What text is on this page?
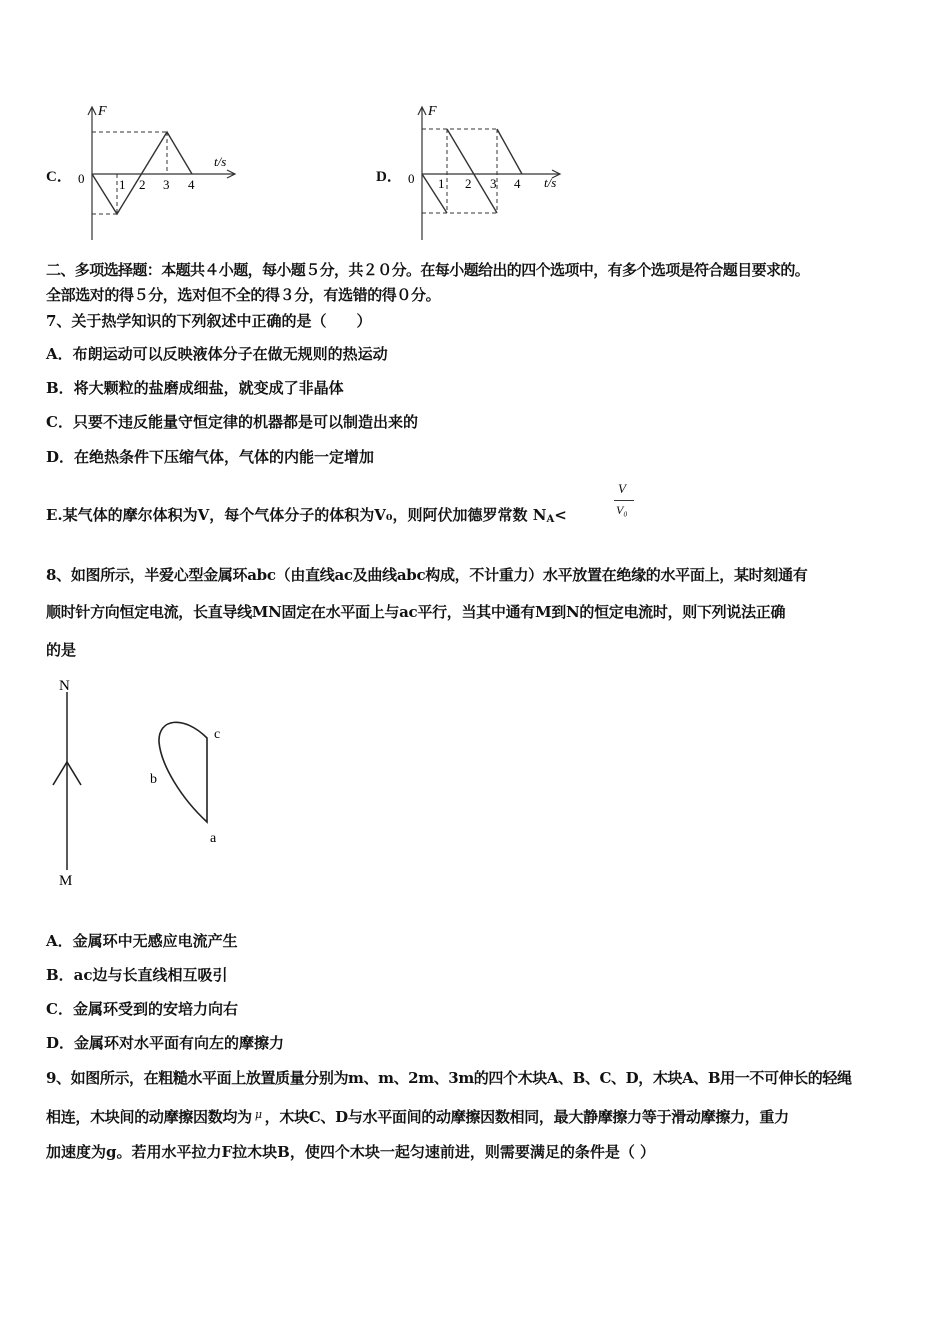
C．
F
t/s
0	1 2 3 4	D．
F
t/s
0 1 2 3 4
二、多项选择题：本题共４小题，每小题５分，共２０分。在每小题给出的四个选项中，有多个选项是符合题目要求的。
全部选对的得５分，选对但不全的得３分，有选错的得０分。
7、关于热学知识的下列叙述中正确的是（　　）
A．布朗运动可以反映液体分子在做无规则的热运动
B．将大颗粒的盐磨成细盐，就变成了非晶体
C．只要不违反能量守恒定律的机器都是可以制造出来的
D．在绝热条件下压缩气体，气体的内能一定增加
E.某气体的摩尔体积为V，每个气体分子的体积为V₀，则阿伏加德罗常数 NA<
V
V₀
8、如图所示，半爱心型金属环abc（由直线ac及曲线abc构成，不计重力）水平放置在绝缘的水平面上，某时刻通有
顺时针方向恒定电流，长直导线MN固定在水平面上与ac平行，当其中通有M到N的恒定电流时，则下列说法正确
的是
N
M
c
b
a
A．金属环中无感应电流产生
B．ac边与长直线相互吸引
C．金属环受到的安培力向右
D．金属环对水平面有向左的摩擦力
9、如图所示，在粗糙水平面上放置质量分别为m、m、2m、3m的四个木块A、B、C、D，木块A、B用一不可伸长的轻绳
相连，木块间的动摩擦因数均为 $^\mu$ ，木块C、D与水平面间的动摩擦因数相同，最大静摩擦力等于滑动摩擦力，重力
加速度为g。若用水平拉力F拉木块B，使四个木块一起匀速前进，则需要满足的条件是（ ）
